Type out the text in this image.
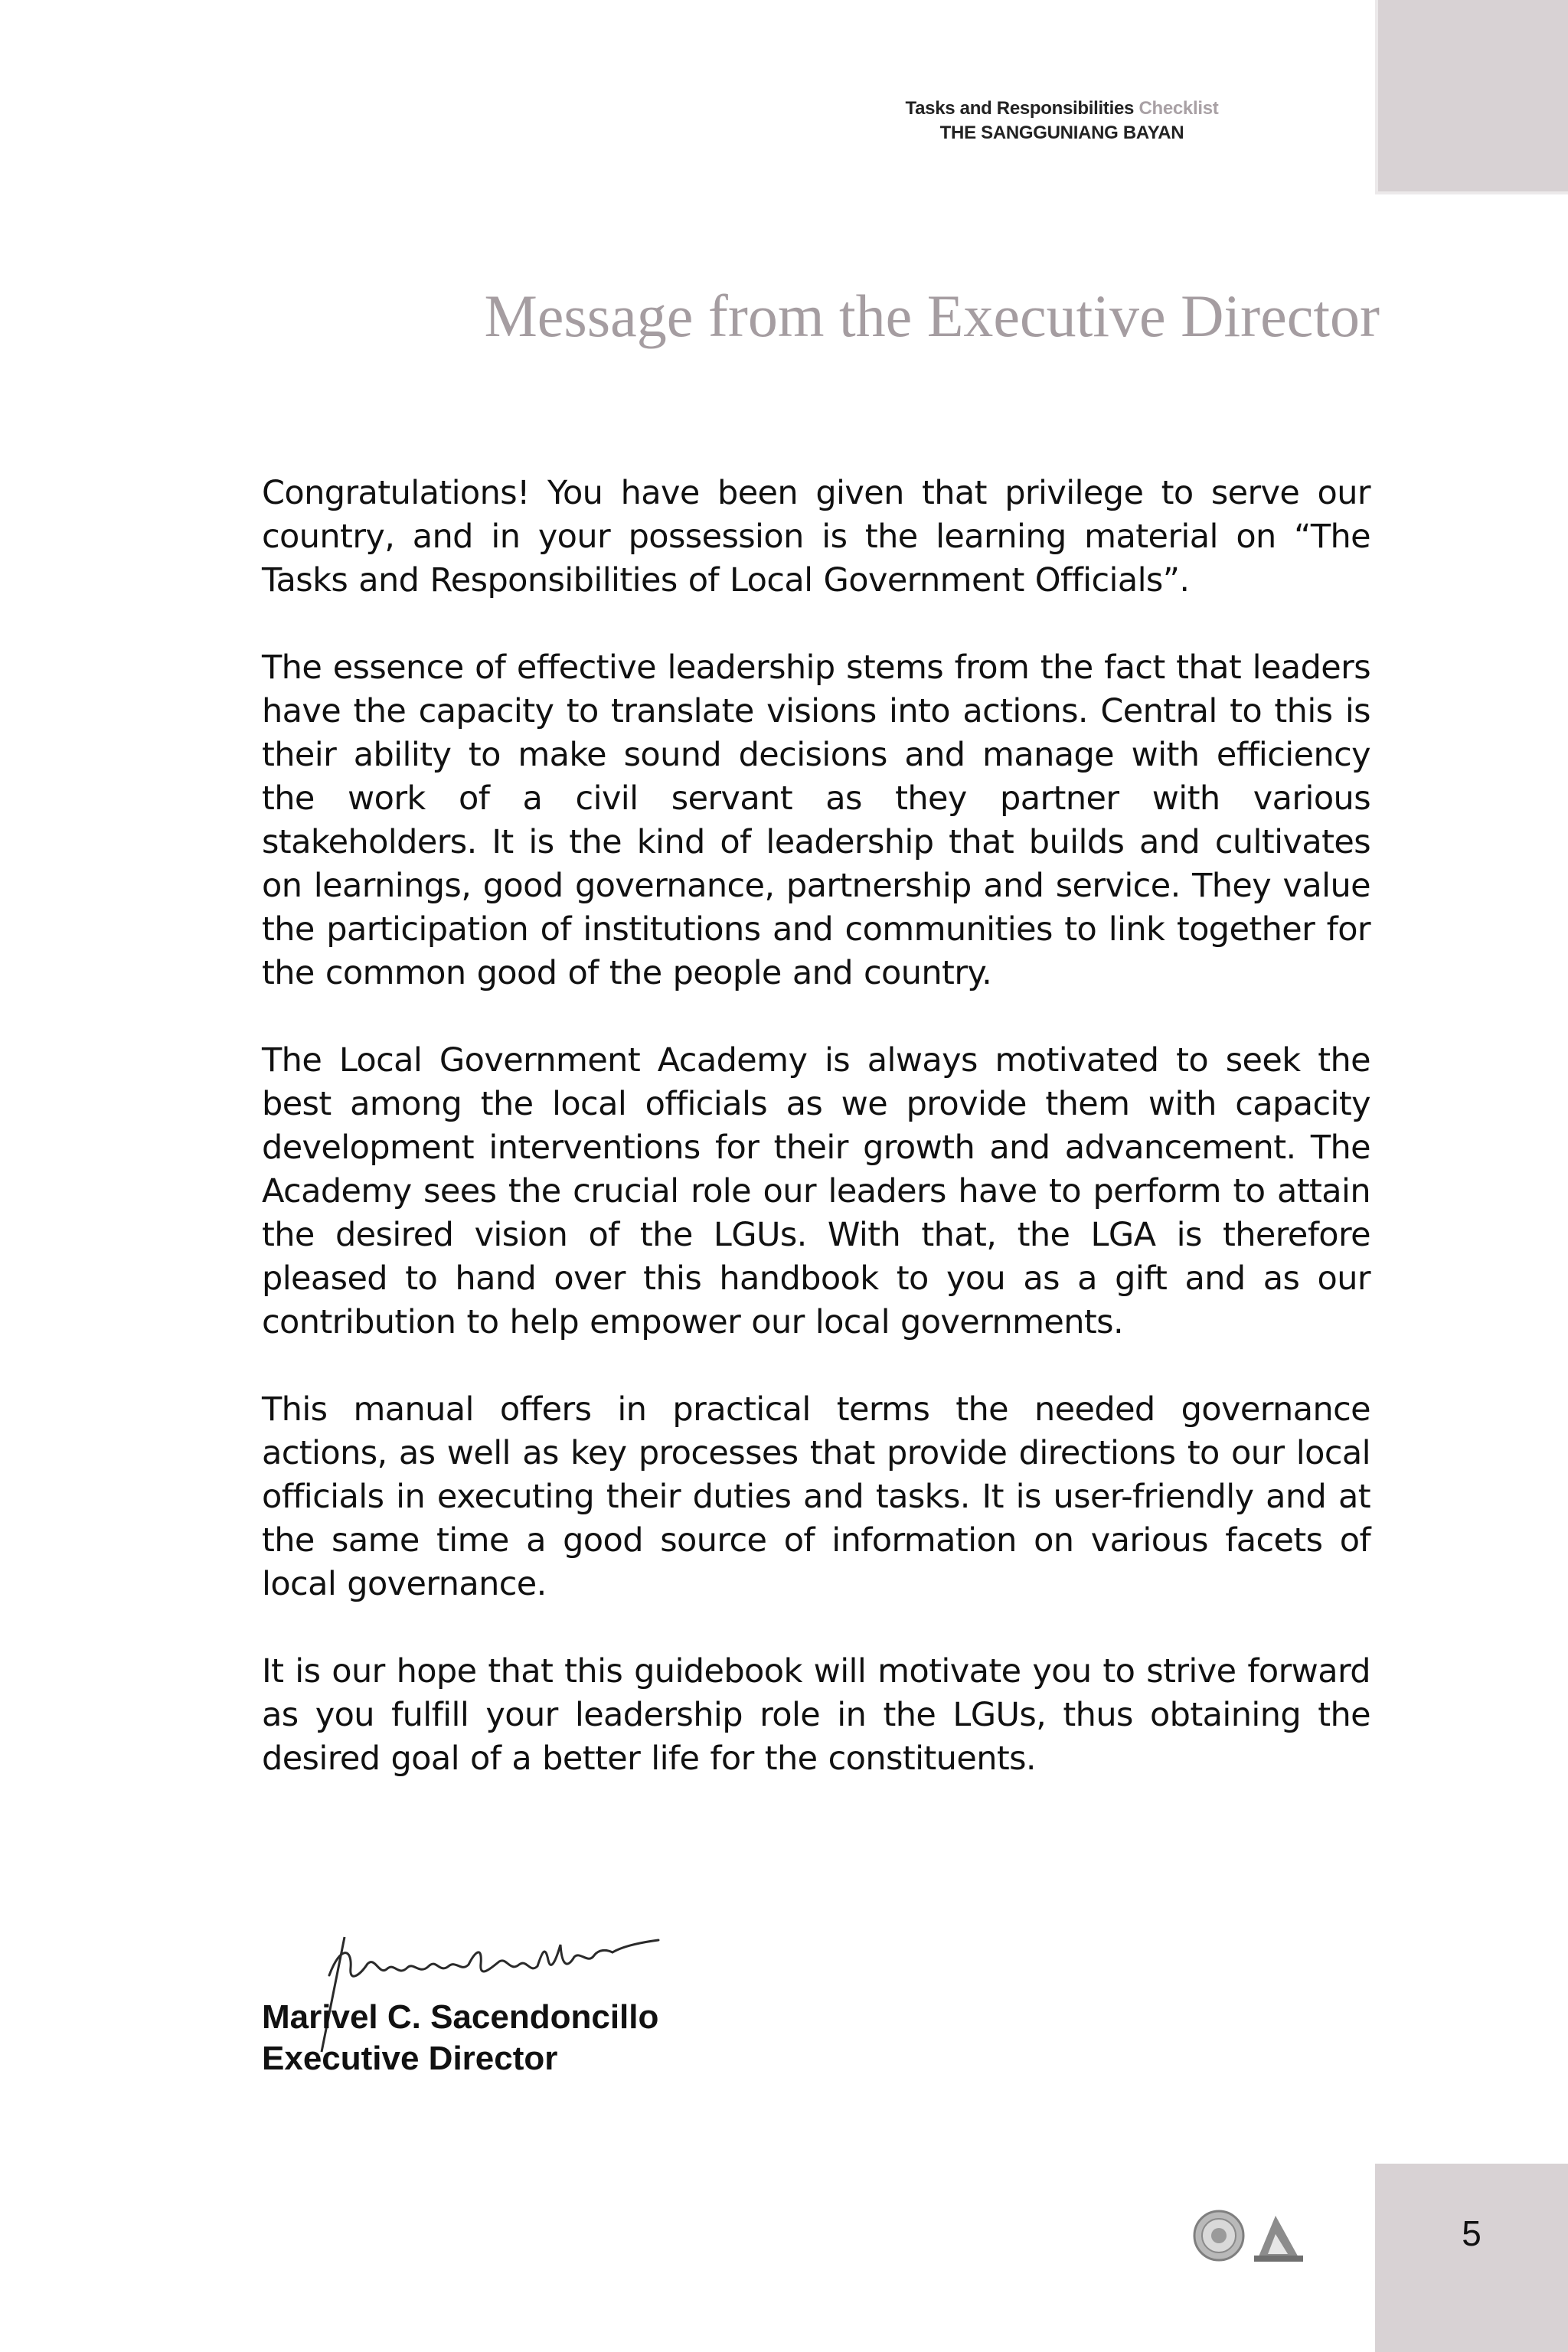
Tasks and Responsibilities Checklist
THE SANGGUNIANG BAYAN
Message from the Executive Director

Congratulations! You have been given that privilege to serve our country, and in your possession is the learning material on “The Tasks and Responsibilities of Local Government Officials”.

The essence of effective leadership stems from the fact that leaders have the capacity to translate visions into actions. Central to this is their ability to make sound decisions and manage with efficiency the work of a civil servant as they partner with various stakeholders. It is the kind of leadership that builds and cultivates on learnings, good governance, partnership and service. They value the participation of institutions and communities to link together for the common good of the people and country.

The Local Government Academy is always motivated to seek the best among the local officials as we provide them with capacity development interventions for their growth and advancement. The Academy sees the crucial role our leaders have to perform to attain the desired vision of the LGUs. With that, the LGA is therefore pleased to hand over this handbook to you as a gift and as our contribution to help empower our local governments.

This manual offers in practical terms the needed governance actions, as well as key processes that provide directions to our local officials in executing their duties and tasks. It is user-friendly and at the same time a good source of information on various facets of local governance.

It is our hope that this guidebook will motivate you to strive forward as you fulfill your leadership role in the LGUs, thus obtaining the desired goal of a better life for the constituents.

Marivel C. Sacendoncillo
Executive Director
5
